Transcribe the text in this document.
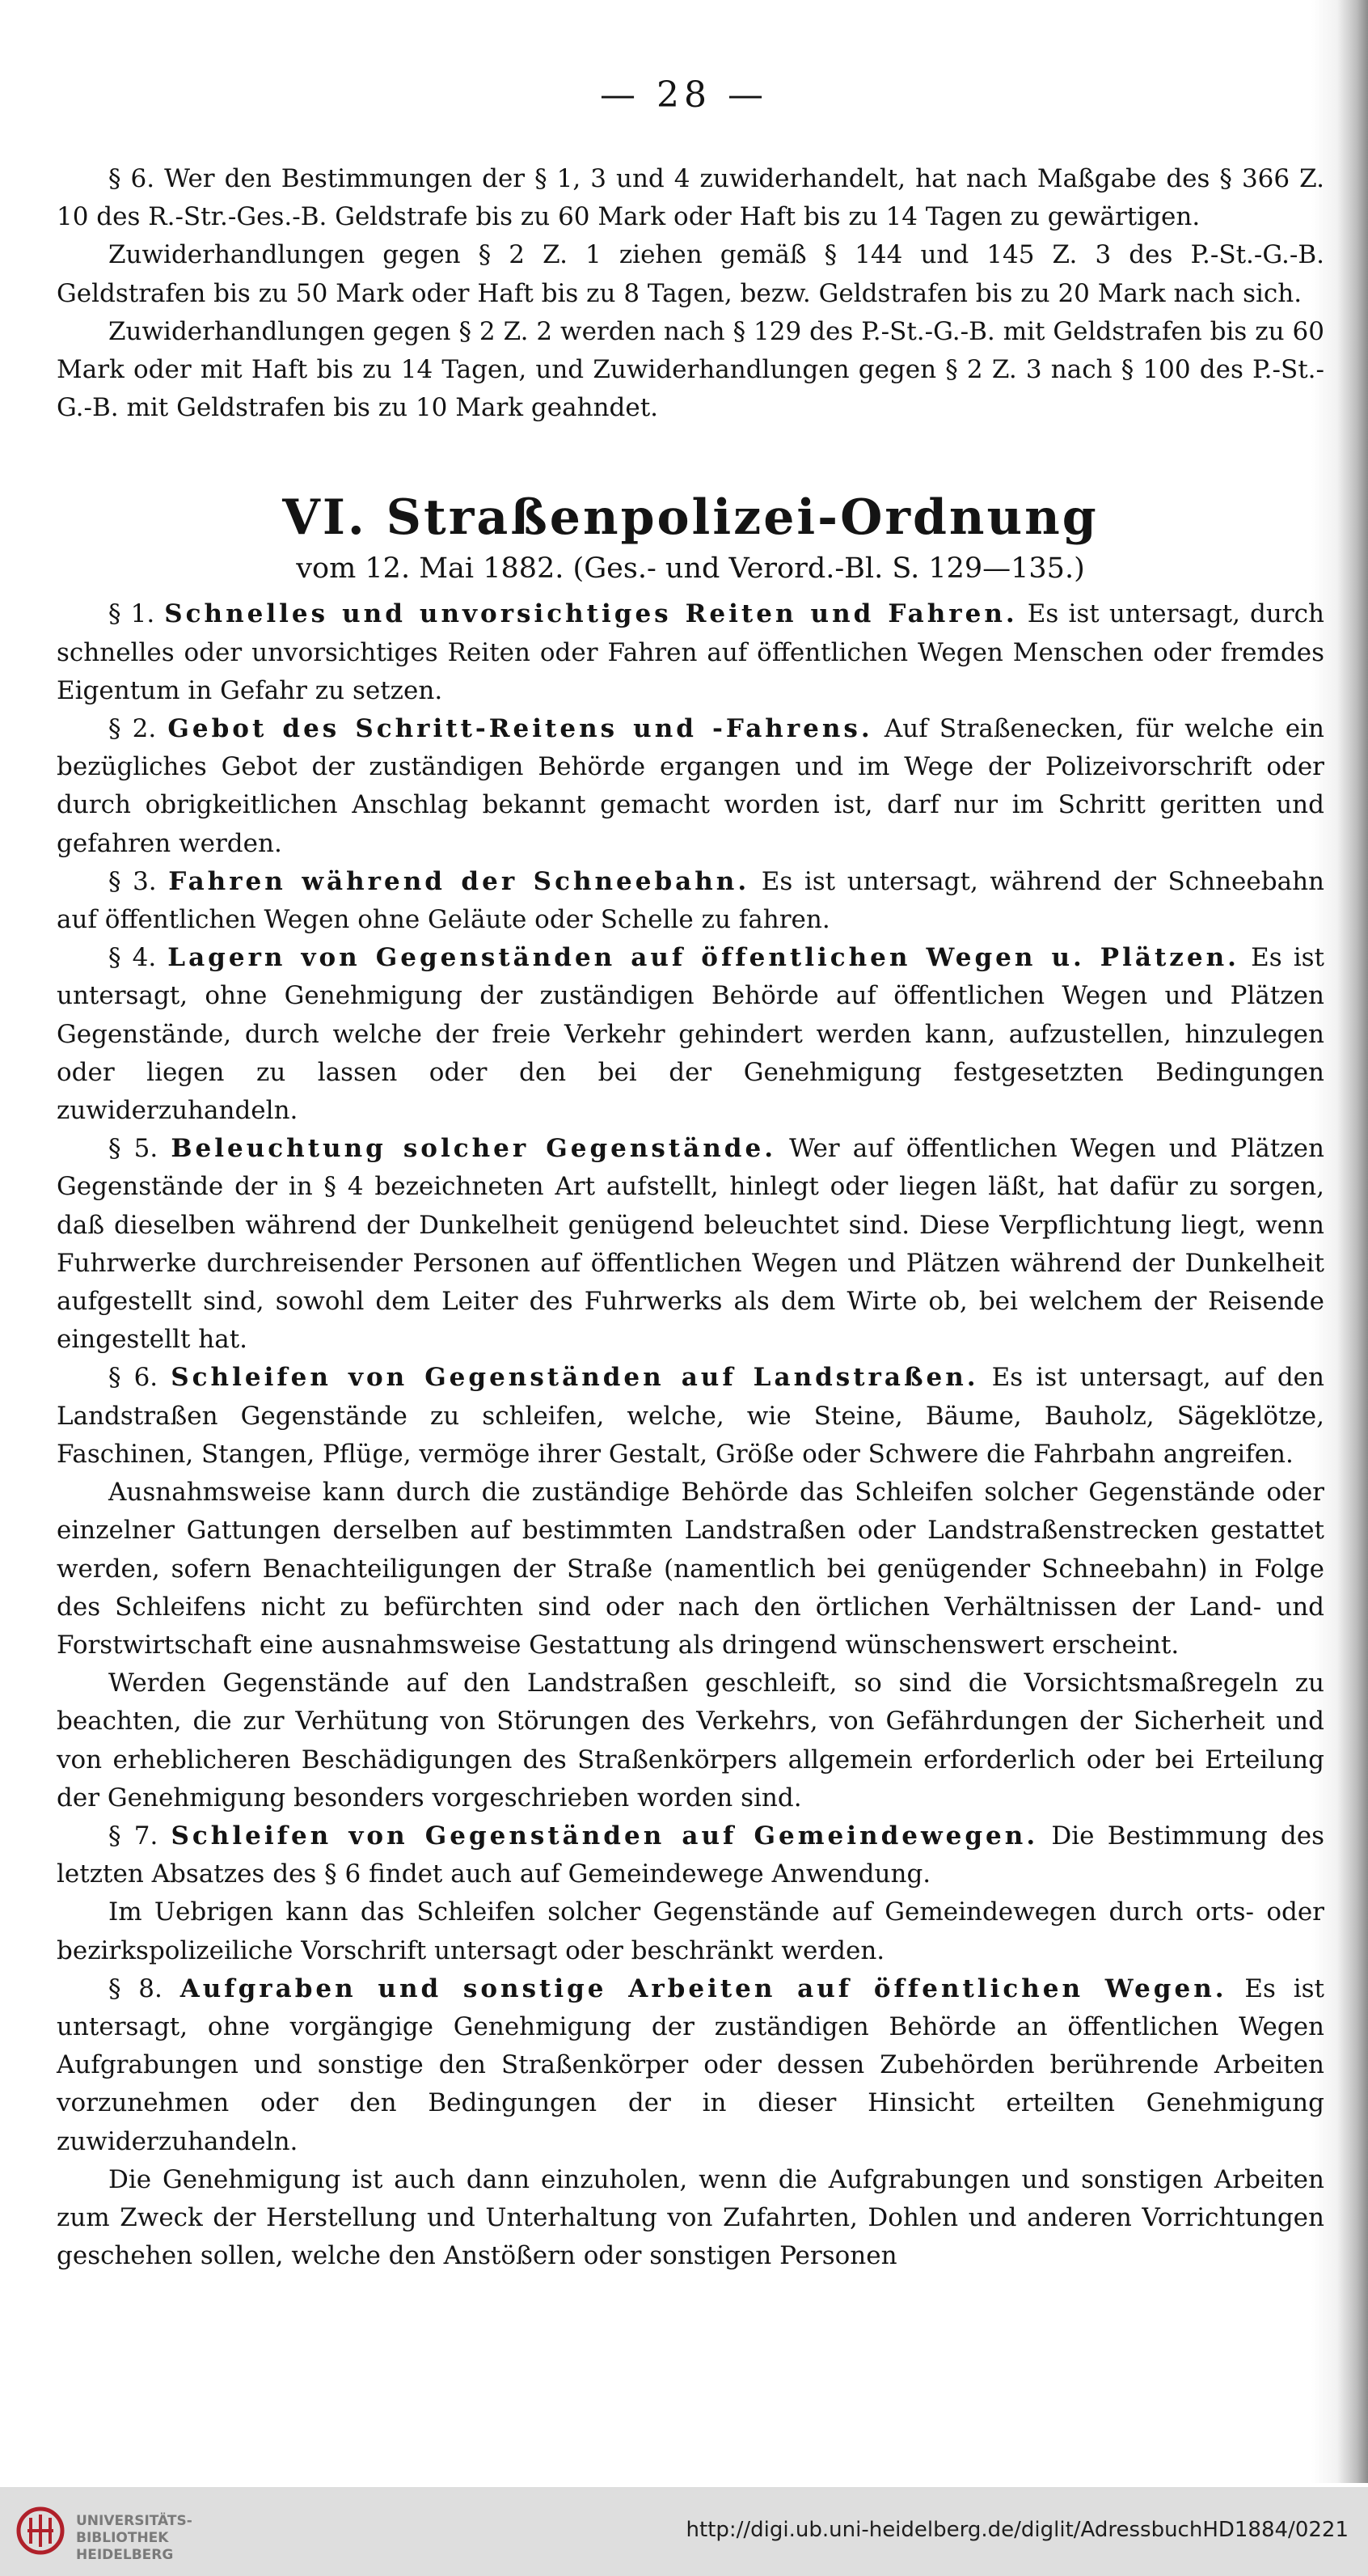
— 28 —

§ 6. Wer den Bestimmungen der § 1, 3 und 4 zuwiderhandelt, hat nach Maßgabe des § 366 Z. 10 des R.-Str.-Ges.-B. Geldstrafe bis zu 60 Mark oder Haft bis zu 14 Tagen zu gewärtigen.

Zuwiderhandlungen gegen § 2 Z. 1 ziehen gemäß § 144 und 145 Z. 3 des P.-St.-G.-B. Geldstrafen bis zu 50 Mark oder Haft bis zu 8 Tagen, bezw. Geldstrafen bis zu 20 Mark nach sich.

Zuwiderhandlungen gegen § 2 Z. 2 werden nach § 129 des P.-St.-G.-B. mit Geldstrafen bis zu 60 Mark oder mit Haft bis zu 14 Tagen, und Zuwiderhandlungen gegen § 2 Z. 3 nach § 100 des P.-St.-G.-B. mit Geldstrafen bis zu 10 Mark geahndet.

VI. Straßenpolizei-Ordnung
vom 12. Mai 1882. (Ges.- und Verord.-Bl. S. 129—135.)

§ 1. Schnelles und unvorsichtiges Reiten und Fahren. Es ist untersagt, durch schnelles oder unvorsichtiges Reiten oder Fahren auf öffentlichen Wegen Menschen oder fremdes Eigentum in Gefahr zu setzen.

§ 2. Gebot des Schritt-Reitens und -Fahrens. Auf Straßenecken, für welche ein bezügliches Gebot der zuständigen Behörde ergangen und im Wege der Polizeivorschrift oder durch obrigkeitlichen Anschlag bekannt gemacht worden ist, darf nur im Schritt geritten und gefahren werden.

§ 3. Fahren während der Schneebahn. Es ist untersagt, während der Schneebahn auf öffentlichen Wegen ohne Geläute oder Schelle zu fahren.

§ 4. Lagern von Gegenständen auf öffentlichen Wegen u. Plätzen. Es ist untersagt, ohne Genehmigung der zuständigen Behörde auf öffentlichen Wegen und Plätzen Gegenstände, durch welche der freie Verkehr gehindert werden kann, aufzustellen, hinzulegen oder liegen zu lassen oder den bei der Genehmigung festgesetzten Bedingungen zuwiderzuhandeln.

§ 5. Beleuchtung solcher Gegenstände. Wer auf öffentlichen Wegen und Plätzen Gegenstände der in § 4 bezeichneten Art aufstellt, hinlegt oder liegen läßt, hat dafür zu sorgen, daß dieselben während der Dunkelheit genügend beleuchtet sind. Diese Verpflichtung liegt, wenn Fuhrwerke durchreisender Personen auf öffentlichen Wegen und Plätzen während der Dunkelheit aufgestellt sind, sowohl dem Leiter des Fuhrwerks als dem Wirte ob, bei welchem der Reisende eingestellt hat.

§ 6. Schleifen von Gegenständen auf Landstraßen. Es ist untersagt, auf den Landstraßen Gegenstände zu schleifen, welche, wie Steine, Bäume, Bauholz, Sägeklötze, Faschinen, Stangen, Pflüge, vermöge ihrer Gestalt, Größe oder Schwere die Fahrbahn angreifen.

Ausnahmsweise kann durch die zuständige Behörde das Schleifen solcher Gegenstände oder einzelner Gattungen derselben auf bestimmten Landstraßen oder Landstraßenstrecken gestattet werden, sofern Benachteiligungen der Straße (namentlich bei genügender Schneebahn) in Folge des Schleifens nicht zu befürchten sind oder nach den örtlichen Verhältnissen der Land- und Forstwirtschaft eine ausnahmsweise Gestattung als dringend wünschenswert erscheint.

Werden Gegenstände auf den Landstraßen geschleift, so sind die Vorsichtsmaßregeln zu beachten, die zur Verhütung von Störungen des Verkehrs, von Gefährdungen der Sicherheit und von erheblicheren Beschädigungen des Straßenkörpers allgemein erforderlich oder bei Erteilung der Genehmigung besonders vorgeschrieben worden sind.

§ 7. Schleifen von Gegenständen auf Gemeindewegen. Die Bestimmung des letzten Absatzes des § 6 findet auch auf Gemeindewege Anwendung.

Im Uebrigen kann das Schleifen solcher Gegenstände auf Gemeindewegen durch orts- oder bezirkspolizeiliche Vorschrift untersagt oder beschränkt werden.

§ 8. Aufgraben und sonstige Arbeiten auf öffentlichen Wegen. Es ist untersagt, ohne vorgängige Genehmigung der zuständigen Behörde an öffentlichen Wegen Aufgrabungen und sonstige den Straßenkörper oder dessen Zubehörden berührende Arbeiten vorzunehmen oder den Bedingungen der in dieser Hinsicht erteilten Genehmigung zuwiderzuhandeln.

Die Genehmigung ist auch dann einzuholen, wenn die Aufgrabungen und sonstigen Arbeiten zum Zweck der Herstellung und Unterhaltung von Zufahrten, Dohlen und anderen Vorrichtungen geschehen sollen, welche den Anstößern oder sonstigen Personen

UNIVERSITÄTS-
BIBLIOTHEK
HEIDELBERG
http://digi.ub.uni-heidelberg.de/diglit/AdressbuchHD1884/0221
